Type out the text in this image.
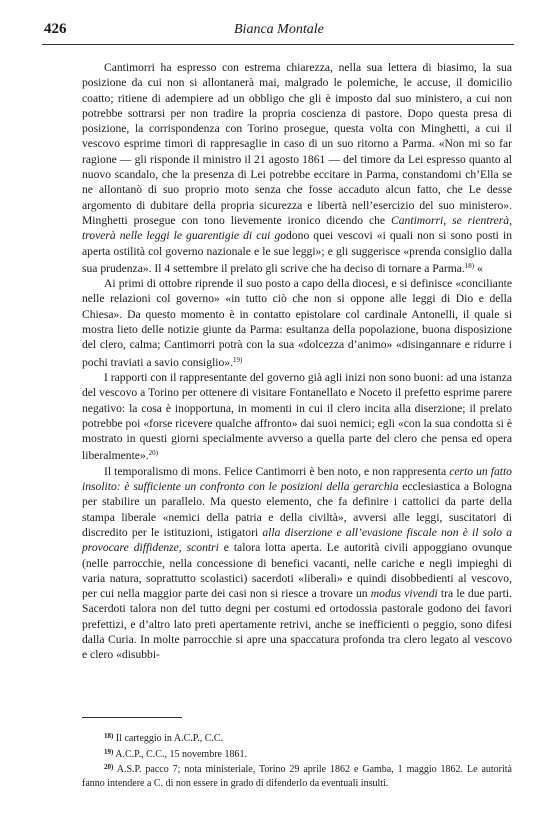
426	Bianca Montale

Cantimorri ha espresso con estrema chiarezza, nella sua lettera di biasimo, la sua posizione da cui non si allontanerà mai, malgrado le polemiche, le accuse, il domicilio coatto; ritiene di adempiere ad un obbligo che gli è imposto dal suo ministero, a cui non potrebbe sottrarsi per non tradire la propria coscienza di pastore. Dopo questa presa di posizione, la corrispondenza con Torino prosegue, questa volta con Minghetti, a cui il vescovo esprime timori di rappresaglie in caso di un suo ritorno a Parma. «Non mi so far ragione — gli risponde il ministro il 21 agosto 1861 — del timore da Lei espresso quanto al nuovo scandalo, che la presenza di Lei potrebbe eccitare in Parma, constandomi ch’Ella se ne allontanò di suo proprio moto senza che fosse accaduto alcun fatto, che Le desse argomento di dubitare della propria sicurezza e libertà nell’esercizio del suo ministero». Minghetti prosegue con tono lievemente ironico dicendo che Cantimorri, se rientrerà, troverà nelle leggi le guarentigie di cui godono quei vescovi «i quali non si sono posti in aperta ostilità col governo nazionale e le sue leggi»; e gli suggerisce «prenda consiglio dalla sua prudenza». Il 4 settembre il prelato gli scrive che ha deciso di tornare a Parma.$^{18)}$ «

Ai primi di ottobre riprende il suo posto a capo della diocesi, e si definisce «conciliante nelle relazioni col governo» «in tutto ciò che non si oppone alle leggi di Dio e della Chiesa». Da questo momento è in contatto epistolare col cardinale Antonelli, il quale si mostra lieto delle notizie giunte da Parma: esultanza della popolazione, buona disposizione del clero, calma; Cantimorri potrà con la sua «dolcezza d’animo» «disingannare e ridurre i pochi traviati a savio consiglio».$^{19)}$

I rapporti con il rappresentante del governo già agli inizi non sono buoni: ad una istanza del vescovo a Torino per ottenere di visitare Fontanellato e Noceto il prefetto esprime parere negativo: la cosa è inopportuna, in momenti in cui il clero incita alla diserzione; il prelato potrebbe poi «forse ricevere qualche affronto» dai suoi nemici; egli «con la sua condotta si è mostrato in questi giorni specialmente avverso a quella parte del clero che pensa ed opera liberalmente».$^{20)}$

Il temporalismo di mons. Felice Cantimorri è ben noto, e non rappresenta certo un fatto insolito: è sufficiente un confronto con le posizioni della gerarchia ecclesiastica a Bologna per stabilire un parallelo. Ma questo elemento, che fa definire i cattolici da parte della stampa liberale «nemici della patria e della civiltà», avversi alle leggi, suscitatori di discredito per le istituzioni, istigatori alla diserzione e all’evasione fiscale non è il solo a provocare diffidenze, scontri e talora lotta aperta. Le autorità civili appoggiano ovunque (nelle parrocchie, nella concessione di benefici vacanti, nelle cariche e negli impieghi di varia natura, soprattutto scolastici) sacerdoti «liberali» e quindi disobbedienti al vescovo, per cui nella maggior parte dei casi non si riesce a trovare un modus vivendi tra le due parti. Sacerdoti talora non del tutto degni per costumi ed ortodossia pastorale godono dei favori prefettizi, e d’altro lato preti apertamente retrivi, anche se inefficienti o peggio, sono difesi dalla Curia. In molte parrocchie si apre una spaccatura profonda tra clero legato al vescovo e clero «disubbi-

$^{18)}$ Il carteggio in A.C.P., C.C.

$^{19)}$ A.C.P., C.C., 15 novembre 1861.

$^{20)}$ A.S.P. pacco 7; nota ministeriale, Torino 29 aprile 1862 e Gamba, 1 maggio 1862. Le autorità fanno intendere a C. di non essere in grado di difenderlo da eventuali insulti.
